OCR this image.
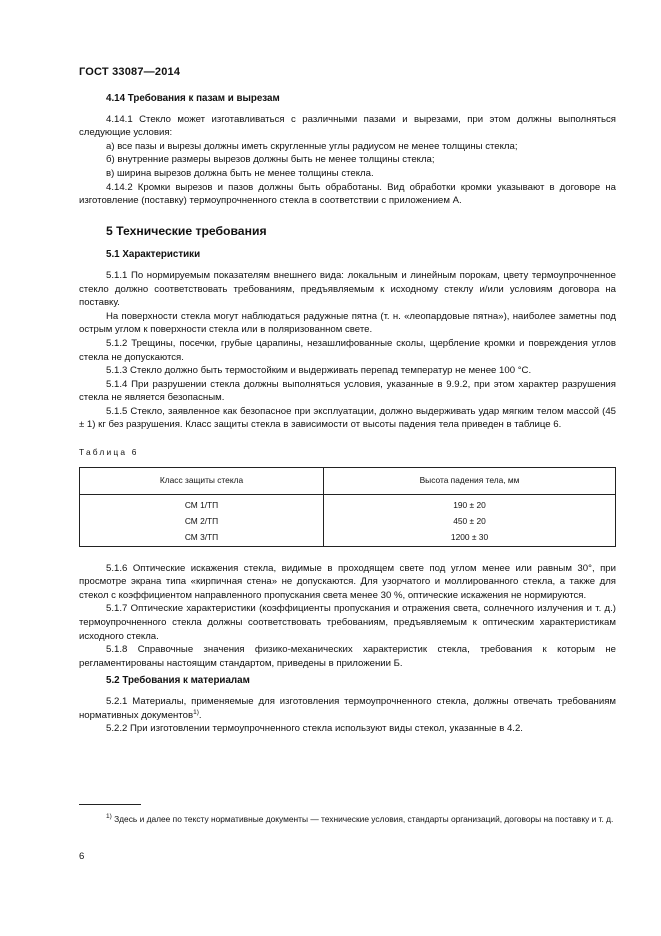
ГОСТ 33087—2014

4.14 Требования к пазам и вырезам

4.14.1 Стекло может изготавливаться с различными пазами и вырезами, при этом должны выполняться следующие условия:

а) все пазы и вырезы должны иметь скругленные углы радиусом не менее толщины стекла;

б) внутренние размеры вырезов должны быть не менее толщины стекла;

в) ширина вырезов должна быть не менее толщины стекла.

4.14.2 Кромки вырезов и пазов должны быть обработаны. Вид обработки кромки указывают в договоре на изготовление (поставку) термоупрочненного стекла в соответствии с приложением А.

5 Технические требования

5.1 Характеристики

5.1.1 По нормируемым показателям внешнего вида: локальным и линейным порокам, цвету термоупрочненное стекло должно соответствовать требованиям, предъявляемым к исходному стеклу и/или условиям договора на поставку.

На поверхности стекла могут наблюдаться радужные пятна (т. н. «леопардовые пятна»), наиболее заметны под острым углом к поверхности стекла или в поляризованном свете.

5.1.2 Трещины, посечки, грубые царапины, незашлифованные сколы, щербление кромки и повреждения углов стекла не допускаются.

5.1.3 Стекло должно быть термостойким и выдерживать перепад температур не менее 100 °С.

5.1.4 При разрушении стекла должны выполняться условия, указанные в 9.9.2, при этом характер разрушения стекла не является безопасным.

5.1.5 Стекло, заявленное как безопасное при эксплуатации, должно выдерживать удар мягким телом массой (45 ± 1) кг без разрушения. Класс защиты стекла в зависимости от высоты падения тела приведен в таблице 6.

Таблица 6

Класс защиты стекла	Высота падения тела, мм
СМ 1/ТП	190 ± 20
СМ 2/ТП	450 ± 20
СМ 3/ТП	1200 ± 30

5.1.6 Оптические искажения стекла, видимые в проходящем свете под углом менее или равным 30°, при просмотре экрана типа «кирпичная стена» не допускаются. Для узорчатого и моллированного стекла, а также для стекол с коэффициентом направленного пропускания света менее 30 %, оптические искажения не нормируются.

5.1.7 Оптические характеристики (коэффициенты пропускания и отражения света, солнечного излучения и т. д.) термоупрочненного стекла должны соответствовать требованиям, предъявляемым к оптическим характеристикам исходного стекла.

5.1.8 Справочные значения физико-механических характеристик стекла, требования к которым не регламентированы настоящим стандартом, приведены в приложении Б.

5.2 Требования к материалам

5.2.1 Материалы, применяемые для изготовления термоупрочненного стекла, должны отвечать требованиям нормативных документов$^{1)}$.

5.2.2 При изготовлении термоупрочненного стекла используют виды стекол, указанные в 4.2.

$^{1)}$ Здесь и далее по тексту нормативные документы — технические условия, стандарты организаций, договоры на поставку и т. д.

6
